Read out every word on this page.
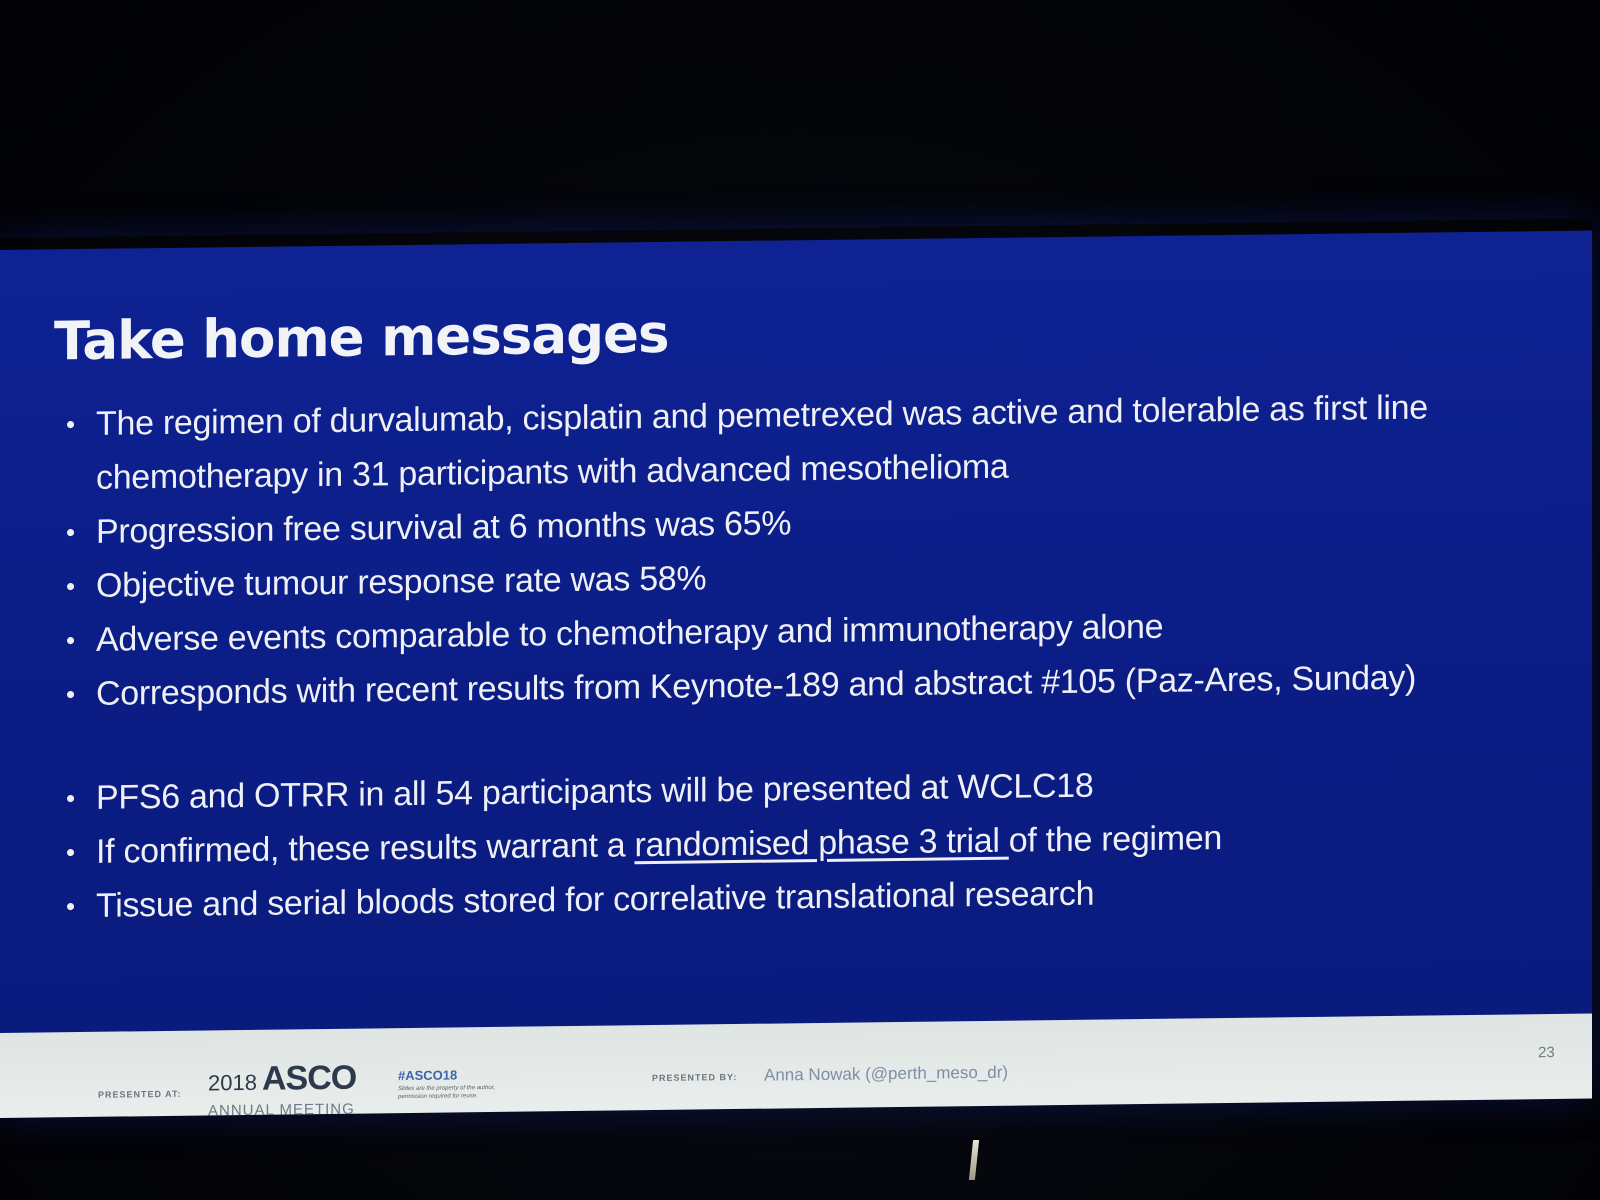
Take home messages
• The regimen of durvalumab, cisplatin and pemetrexed was active and tolerable as first line chemotherapy in 31 participants with advanced mesothelioma
• Progression free survival at 6 months was 65%
• Objective tumour response rate was 58%
• Adverse events comparable to chemotherapy and immunotherapy alone
• Corresponds with recent results from Keynote-189 and abstract #105 (Paz-Ares, Sunday)
• PFS6 and OTRR in all 54 participants will be presented at WCLC18
• If confirmed, these results warrant a randomised phase 3 trial of the regimen
• Tissue and serial bloods stored for correlative translational research
PRESENTED AT: 2018 ASCO
ANNUAL MEETING
#ASCO18
Slides are the property of the author,
permission required for reuse.
PRESENTED BY: Anna Nowak (@perth_meso_dr)
23
